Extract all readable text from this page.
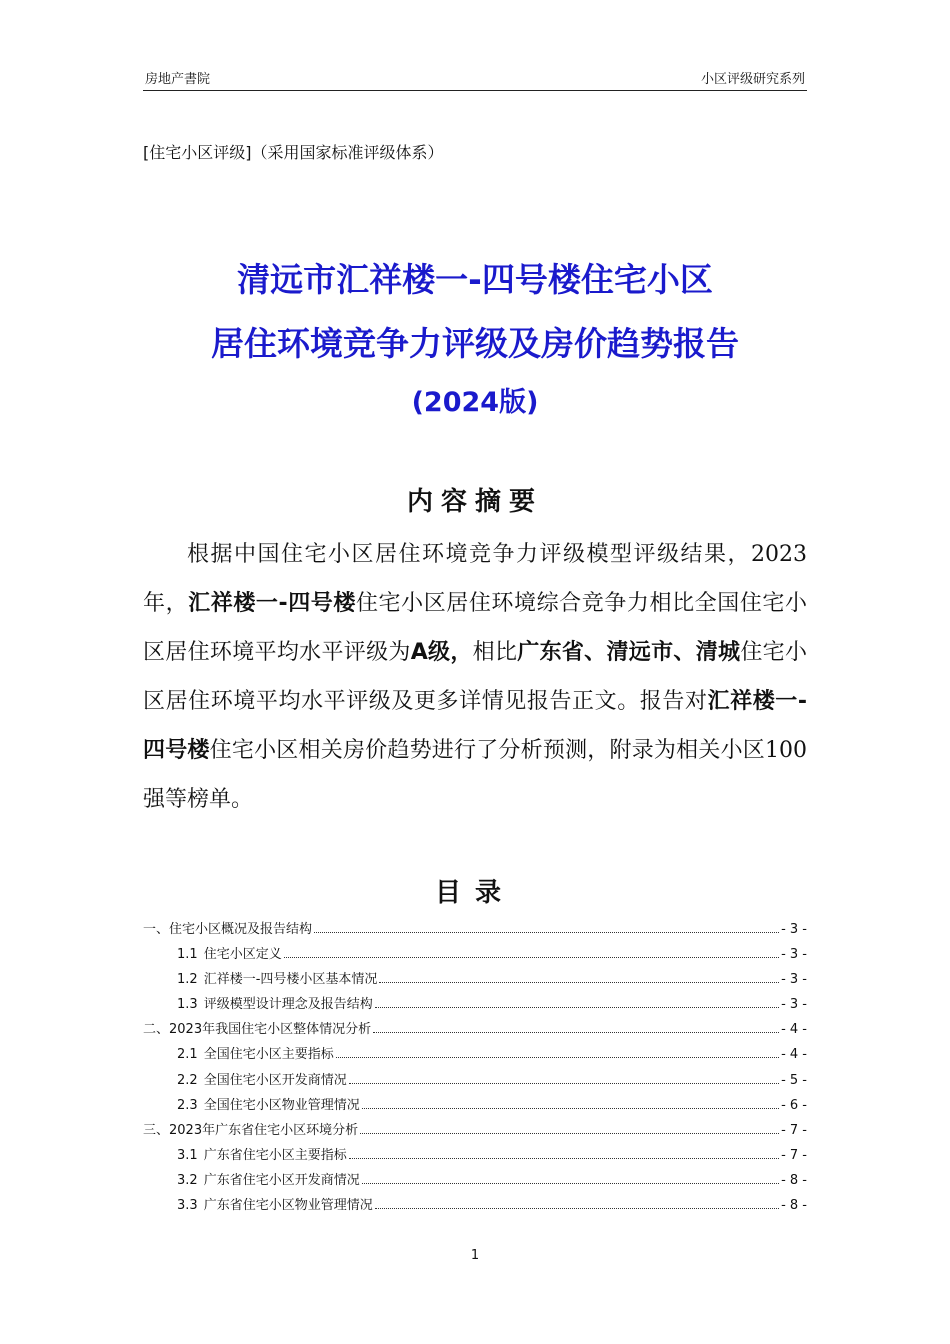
房地产書院	小区评级研究系列
[住宅小区评级]（采用国家标准评级体系）
清远市汇祥楼一-四号楼住宅小区
居住环境竞争力评级及房价趋势报告
(2024版)
内容摘要
根据中国住宅小区居住环境竞争力评级模型评级结果，2023年，汇祥楼一-四号楼住宅小区居住环境综合竞争力相比全国住宅小区居住环境平均水平评级为A级，相比广东省、清远市、清城住宅小区居住环境平均水平评级及更多详情见报告正文。报告对汇祥楼一-四号楼住宅小区相关房价趋势进行了分析预测，附录为相关小区100强等榜单。
目录
一、住宅小区概况及报告结构	- 3 -
1.1 住宅小区定义	- 3 -
1.2 汇祥楼一-四号楼小区基本情况	- 3 -
1.3 评级模型设计理念及报告结构	- 3 -
二、2023年我国住宅小区整体情况分析	- 4 -
2.1 全国住宅小区主要指标	- 4 -
2.2 全国住宅小区开发商情况	- 5 -
2.3 全国住宅小区物业管理情况	- 6 -
三、2023年广东省住宅小区环境分析	- 7 -
3.1 广东省住宅小区主要指标	- 7 -
3.2 广东省住宅小区开发商情况	- 8 -
3.3 广东省住宅小区物业管理情况	- 8 -
1
